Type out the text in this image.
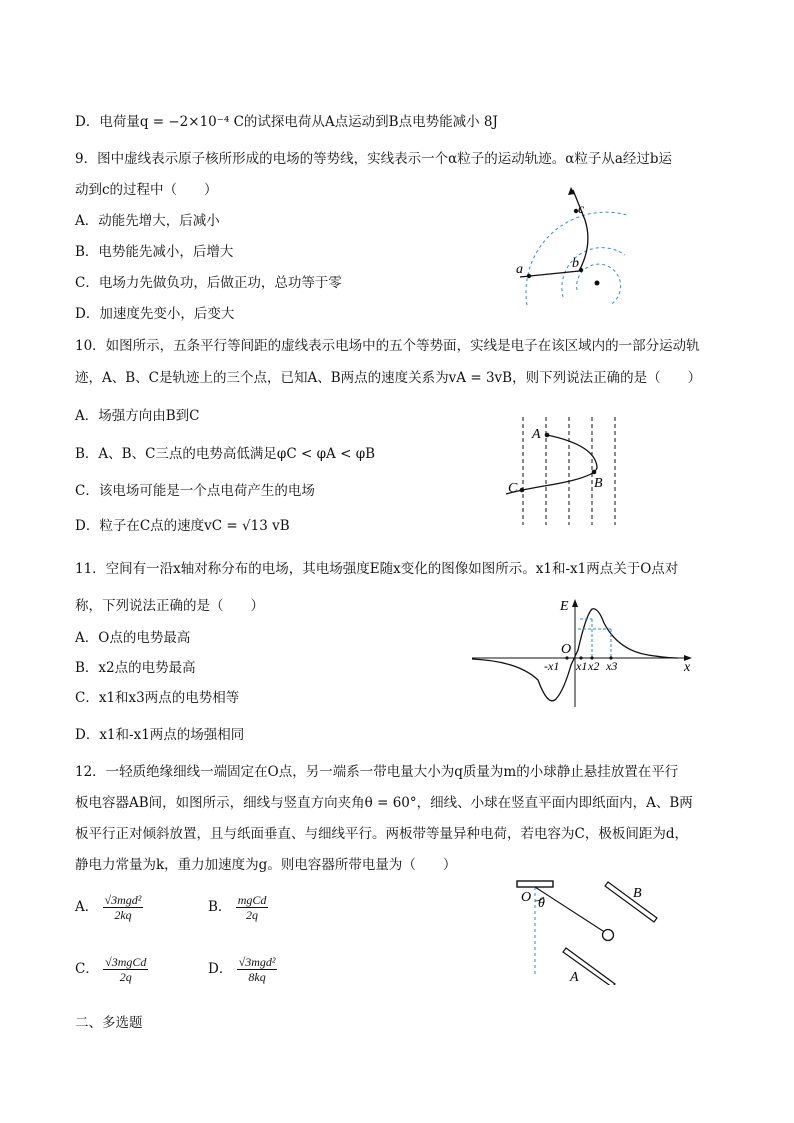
D．电荷量q = −2×10⁻⁴ C的试探电荷从A点运动到B点电势能减小 8J
9．图中虚线表示原子核所形成的电场的等势线，实线表示一个α粒子的运动轨迹。α粒子从a经过b运
动到c的过程中（　　）
A．动能先增大，后减小
B．电势能先减小，后增大
C．电场力先做负功，后做正功，总功等于零
D．加速度先变小，后变大
a	b
c
10．如图所示，五条平行等间距的虚线表示电场中的五个等势面，实线是电子在该区域内的一部分运动轨
迹，A、B、C是轨迹上的三个点，已知A、B两点的速度关系为vA = 3vB，则下列说法正确的是（　　）
A．场强方向由B到C
B．A、B、C三点的电势高低满足φC < φA < φB
C．该电场可能是一个点电荷产生的电场
D．粒子在C点的速度vC = √13 vB
A
B
C
11．空间有一沿x轴对称分布的电场，其电场强度E随x变化的图像如图所示。x1和-x1两点关于O点对
称，下列说法正确的是（　　）
A．O点的电势最高
B．x2点的电势最高
C．x1和x3两点的电势相等
D．x1和-x1两点的场强相同
E
x
O
-x1 x1 x2 x3
12．一轻质绝缘细线一端固定在O点，另一端系一带电量大小为q质量为m的小球静止悬挂放置在平行
板电容器AB间，如图所示，细线与竖直方向夹角θ = 60°，细线、小球在竖直平面内即纸面内，A、B两
板平行正对倾斜放置，且与纸面垂直、与细线平行。两板带等量异种电荷，若电容为C，极板间距为d，
静电力常量为k，重力加速度为g。则电容器所带电量为（　　）
A． $\frac{\text{√3mgd²}}{2kq}$	B． $\frac{\text{mgCd}}{2q}$
C． $\frac{\text{√3mgCd}}{2q}$	D． $\frac{\text{√3mgd²}}{8kq}$
O θ
B
A
二、多选题
